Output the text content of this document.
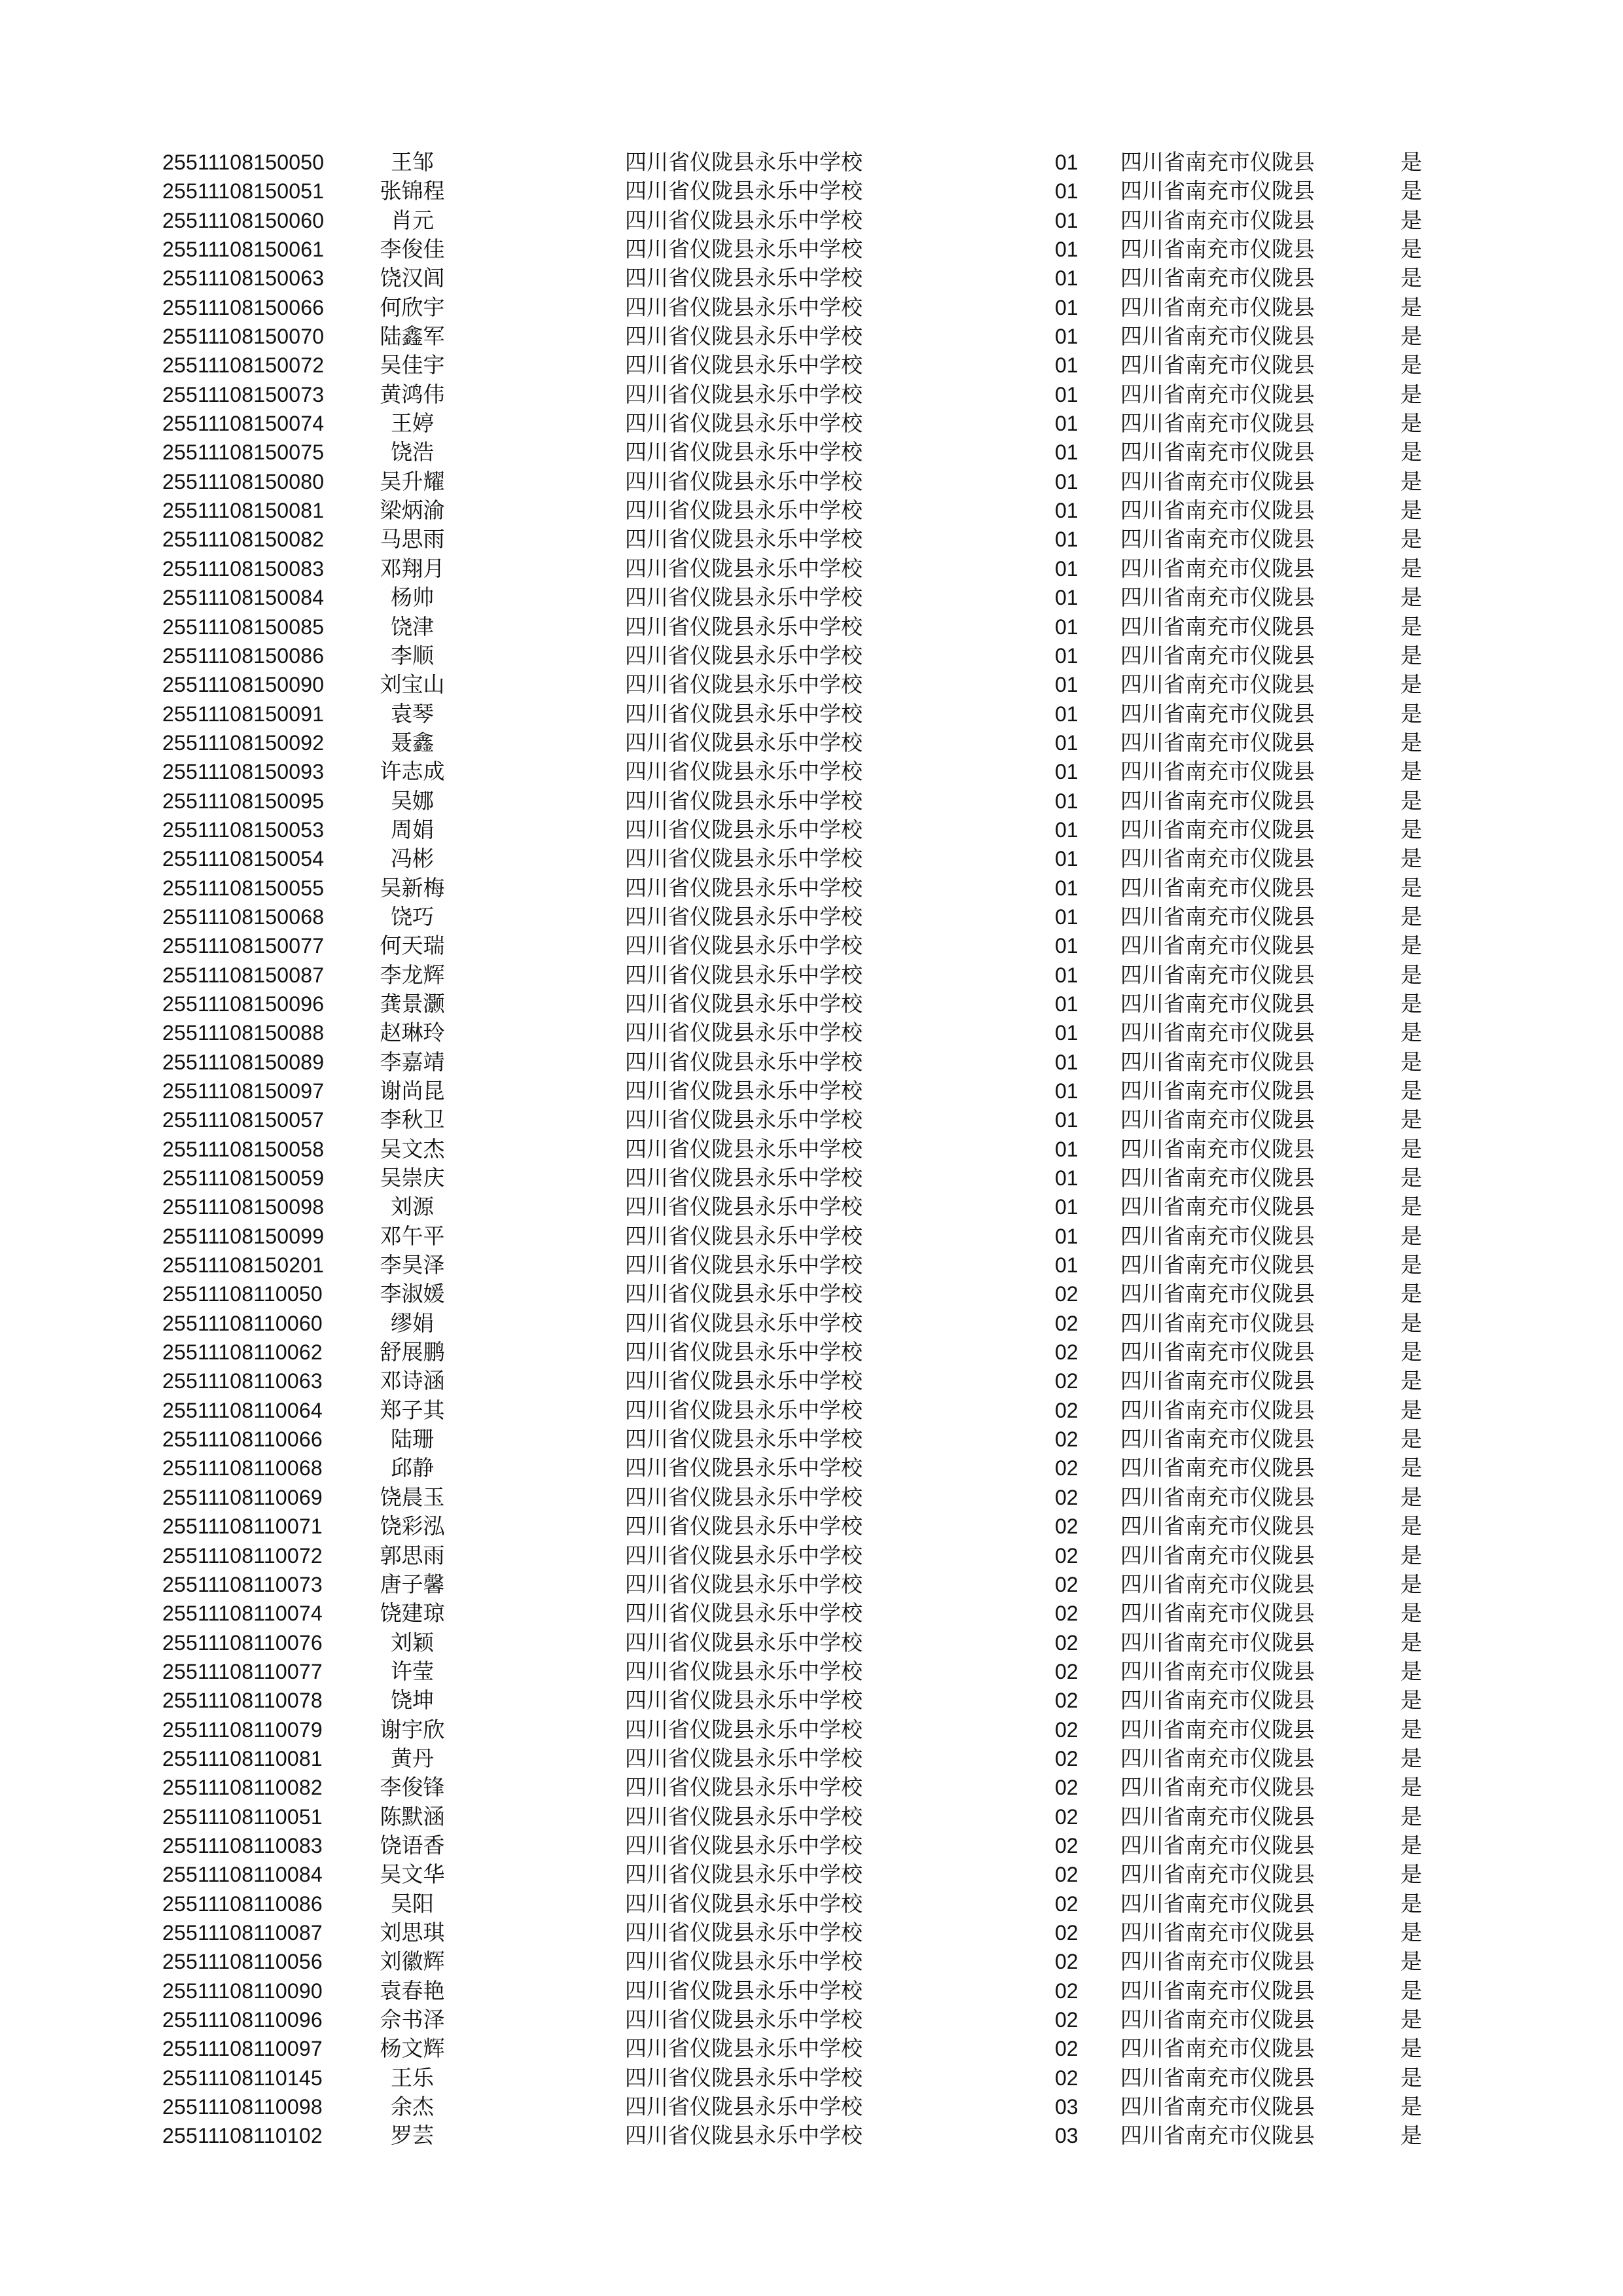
25511108150050	王邹	四川省仪陇县永乐中学校	01 四川省南充市仪陇县	是
25511108150051	张锦程	四川省仪陇县永乐中学校	01 四川省南充市仪陇县	是
25511108150060	肖元	四川省仪陇县永乐中学校	01 四川省南充市仪陇县	是
25511108150061	李俊佳	四川省仪陇县永乐中学校	01 四川省南充市仪陇县	是
25511108150063	饶汉闾	四川省仪陇县永乐中学校	01 四川省南充市仪陇县	是
25511108150066	何欣宇	四川省仪陇县永乐中学校	01 四川省南充市仪陇县	是
25511108150070	陆鑫军	四川省仪陇县永乐中学校	01 四川省南充市仪陇县	是
25511108150072	吴佳宇	四川省仪陇县永乐中学校	01 四川省南充市仪陇县	是
25511108150073	黄鸿伟	四川省仪陇县永乐中学校	01 四川省南充市仪陇县	是
25511108150074	王婷	四川省仪陇县永乐中学校	01 四川省南充市仪陇县	是
25511108150075	饶浩	四川省仪陇县永乐中学校	01 四川省南充市仪陇县	是
25511108150080	吴升耀	四川省仪陇县永乐中学校	01 四川省南充市仪陇县	是
25511108150081	梁炳渝	四川省仪陇县永乐中学校	01 四川省南充市仪陇县	是
25511108150082	马思雨	四川省仪陇县永乐中学校	01 四川省南充市仪陇县	是
25511108150083	邓翔月	四川省仪陇县永乐中学校	01 四川省南充市仪陇县	是
25511108150084	杨帅	四川省仪陇县永乐中学校	01 四川省南充市仪陇县	是
25511108150085	饶津	四川省仪陇县永乐中学校	01 四川省南充市仪陇县	是
25511108150086	李顺	四川省仪陇县永乐中学校	01 四川省南充市仪陇县	是
25511108150090	刘宝山	四川省仪陇县永乐中学校	01 四川省南充市仪陇县	是
25511108150091	袁琴	四川省仪陇县永乐中学校	01 四川省南充市仪陇县	是
25511108150092	聂鑫	四川省仪陇县永乐中学校	01 四川省南充市仪陇县	是
25511108150093	许志成	四川省仪陇县永乐中学校	01 四川省南充市仪陇县	是
25511108150095	吴娜	四川省仪陇县永乐中学校	01 四川省南充市仪陇县	是
25511108150053	周娟	四川省仪陇县永乐中学校	01 四川省南充市仪陇县	是
25511108150054	冯彬	四川省仪陇县永乐中学校	01 四川省南充市仪陇县	是
25511108150055	吴新梅	四川省仪陇县永乐中学校	01 四川省南充市仪陇县	是
25511108150068	饶巧	四川省仪陇县永乐中学校	01 四川省南充市仪陇县	是
25511108150077	何天瑞	四川省仪陇县永乐中学校	01 四川省南充市仪陇县	是
25511108150087	李龙辉	四川省仪陇县永乐中学校	01 四川省南充市仪陇县	是
25511108150096	龚景灏	四川省仪陇县永乐中学校	01 四川省南充市仪陇县	是
25511108150088	赵琳玲	四川省仪陇县永乐中学校	01 四川省南充市仪陇县	是
25511108150089	李嘉靖	四川省仪陇县永乐中学校	01 四川省南充市仪陇县	是
25511108150097	谢尚昆	四川省仪陇县永乐中学校	01 四川省南充市仪陇县	是
25511108150057	李秋卫	四川省仪陇县永乐中学校	01 四川省南充市仪陇县	是
25511108150058	吴文杰	四川省仪陇县永乐中学校	01 四川省南充市仪陇县	是
25511108150059	吴崇庆	四川省仪陇县永乐中学校	01 四川省南充市仪陇县	是
25511108150098	刘源	四川省仪陇县永乐中学校	01 四川省南充市仪陇县	是
25511108150099	邓午平	四川省仪陇县永乐中学校	01 四川省南充市仪陇县	是
25511108150201	李昊泽	四川省仪陇县永乐中学校	01 四川省南充市仪陇县	是
25511108110050	李淑媛	四川省仪陇县永乐中学校	02 四川省南充市仪陇县	是
25511108110060	缪娟	四川省仪陇县永乐中学校	02 四川省南充市仪陇县	是
25511108110062	舒展鹏	四川省仪陇县永乐中学校	02 四川省南充市仪陇县	是
25511108110063	邓诗涵	四川省仪陇县永乐中学校	02 四川省南充市仪陇县	是
25511108110064	郑子其	四川省仪陇县永乐中学校	02 四川省南充市仪陇县	是
25511108110066	陆珊	四川省仪陇县永乐中学校	02 四川省南充市仪陇县	是
25511108110068	邱静	四川省仪陇县永乐中学校	02 四川省南充市仪陇县	是
25511108110069	饶晨玉	四川省仪陇县永乐中学校	02 四川省南充市仪陇县	是
25511108110071	饶彩泓	四川省仪陇县永乐中学校	02 四川省南充市仪陇县	是
25511108110072	郭思雨	四川省仪陇县永乐中学校	02 四川省南充市仪陇县	是
25511108110073	唐子馨	四川省仪陇县永乐中学校	02 四川省南充市仪陇县	是
25511108110074	饶建琼	四川省仪陇县永乐中学校	02 四川省南充市仪陇县	是
25511108110076	刘颖	四川省仪陇县永乐中学校	02 四川省南充市仪陇县	是
25511108110077	许莹	四川省仪陇县永乐中学校	02 四川省南充市仪陇县	是
25511108110078	饶坤	四川省仪陇县永乐中学校	02 四川省南充市仪陇县	是
25511108110079	谢宇欣	四川省仪陇县永乐中学校	02 四川省南充市仪陇县	是
25511108110081	黄丹	四川省仪陇县永乐中学校	02 四川省南充市仪陇县	是
25511108110082	李俊锋	四川省仪陇县永乐中学校	02 四川省南充市仪陇县	是
25511108110051	陈默涵	四川省仪陇县永乐中学校	02 四川省南充市仪陇县	是
25511108110083	饶语香	四川省仪陇县永乐中学校	02 四川省南充市仪陇县	是
25511108110084	吴文华	四川省仪陇县永乐中学校	02 四川省南充市仪陇县	是
25511108110086	吴阳	四川省仪陇县永乐中学校	02 四川省南充市仪陇县	是
25511108110087	刘思琪	四川省仪陇县永乐中学校	02 四川省南充市仪陇县	是
25511108110056	刘徽辉	四川省仪陇县永乐中学校	02 四川省南充市仪陇县	是
25511108110090	袁春艳	四川省仪陇县永乐中学校	02 四川省南充市仪陇县	是
25511108110096	佘书泽	四川省仪陇县永乐中学校	02 四川省南充市仪陇县	是
25511108110097	杨文辉	四川省仪陇县永乐中学校	02 四川省南充市仪陇县	是
25511108110145	王乐	四川省仪陇县永乐中学校	02 四川省南充市仪陇县	是
25511108110098	余杰	四川省仪陇县永乐中学校	03 四川省南充市仪陇县	是
25511108110102	罗芸	四川省仪陇县永乐中学校	03 四川省南充市仪陇县	是
